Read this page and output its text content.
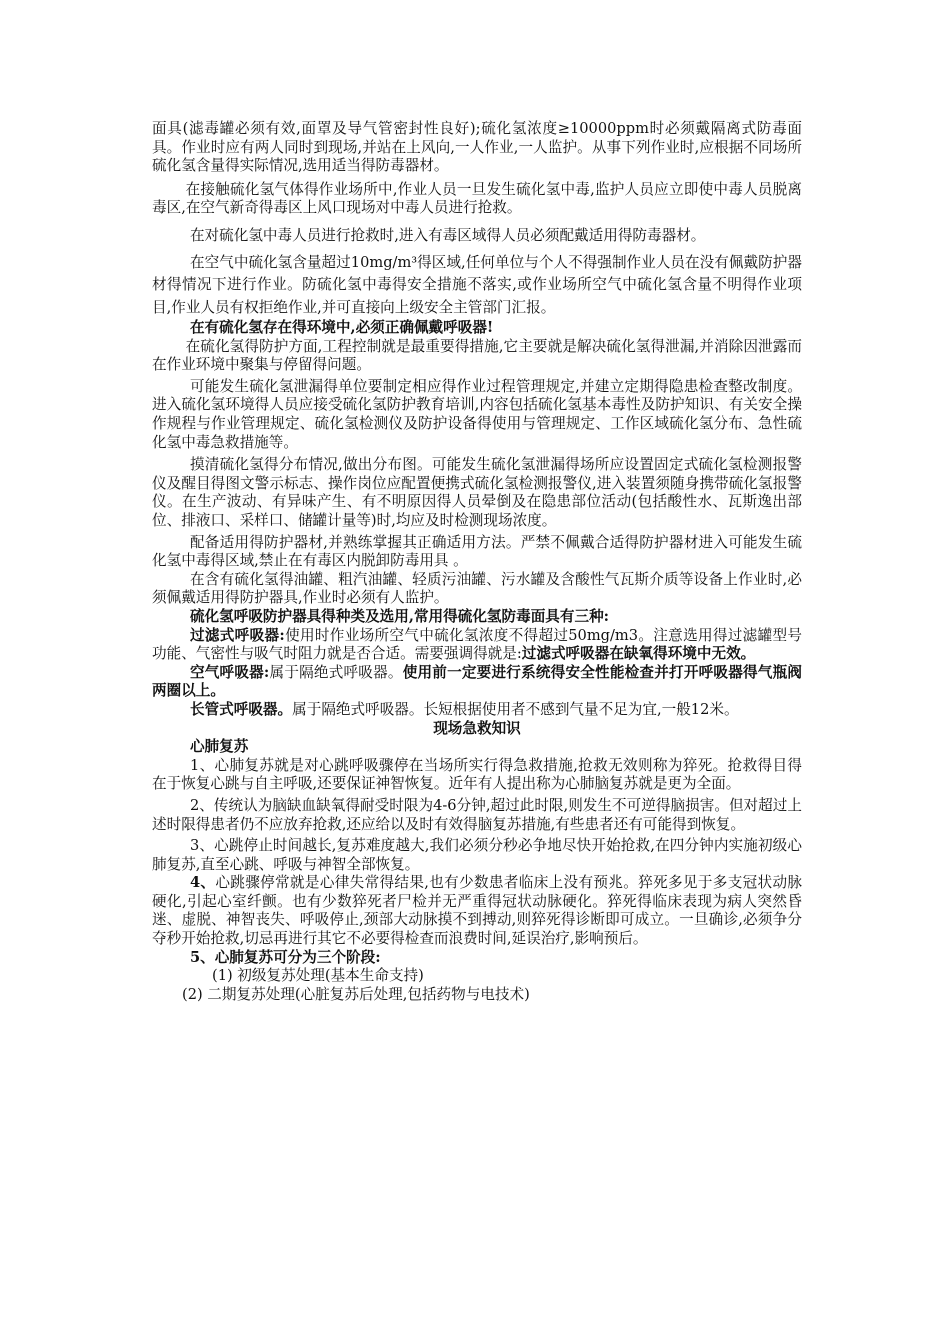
面具(滤毒罐必须有效,面罩及导气管密封性良好);硫化氢浓度≥10000ppm时必须戴隔离式防毒面具。作业时应有两人同时到现场,并站在上风向,一人作业,一人监护。从事下列作业时,应根据不同场所硫化氢含量得实际情况,选用适当得防毒器材。

在接触硫化氢气体得作业场所中,作业人员一旦发生硫化氢中毒,监护人员应立即使中毒人员脱离毒区,在空气新奇得毒区上风口现场对中毒人员进行抢救。

在对硫化氢中毒人员进行抢救时,进入有毒区域得人员必须配戴适用得防毒器材。

在空气中硫化氢含量超过10mg/m³得区域,任何单位与个人不得强制作业人员在没有佩戴防护器材得情况下进行作业。防硫化氢中毒得安全措施不落实,或作业场所空气中硫化氢含量不明得作业项目,作业人员有权拒绝作业,并可直接向上级安全主管部门汇报。

在有硫化氢存在得环境中,必须正确佩戴呼吸器!

在硫化氢得防护方面,工程控制就是最重要得措施,它主要就是解决硫化氢得泄漏,并消除因泄露而在作业环境中聚集与停留得问题。

可能发生硫化氢泄漏得单位要制定相应得作业过程管理规定,并建立定期得隐患检查整改制度。进入硫化氢环境得人员应接受硫化氢防护教育培训,内容包括硫化氢基本毒性及防护知识、有关安全操作规程与作业管理规定、硫化氢检测仪及防护设备得使用与管理规定、工作区域硫化氢分布、急性硫化氢中毒急救措施等。

摸清硫化氢得分布情况,做出分布图。可能发生硫化氢泄漏得场所应设置固定式硫化氢检测报警仪及醒目得图文警示标志、操作岗位应配置便携式硫化氢检测报警仪,进入装置须随身携带硫化氢报警仪。在生产波动、有异味产生、有不明原因得人员晕倒及在隐患部位活动(包括酸性水、瓦斯逸出部位、排液口、采样口、储罐计量等)时,均应及时检测现场浓度。

配备适用得防护器材,并熟练掌握其正确适用方法。严禁不佩戴合适得防护器材进入可能发生硫化氢中毒得区域,禁止在有毒区内脱卸防毒用具 。

在含有硫化氢得油罐、粗汽油罐、轻质污油罐、污水罐及含酸性气瓦斯介质等设备上作业时,必须佩戴适用得防护器具,作业时必须有人监护。

硫化氢呼吸防护器具得种类及选用,常用得硫化氢防毒面具有三种:

过滤式呼吸器:使用时作业场所空气中硫化氢浓度不得超过50mg/m3。注意选用得过滤罐型号功能、气密性与吸气时阻力就是否合适。需要强调得就是:过滤式呼吸器在缺氧得环境中无效。

空气呼吸器:属于隔绝式呼吸器。使用前一定要进行系统得安全性能检查并打开呼吸器得气瓶阀两圈以上。

长管式呼吸器。属于隔绝式呼吸器。长短根据使用者不感到气量不足为宜,一般12米。

现场急救知识

心肺复苏

1、心肺复苏就是对心跳呼吸骤停在当场所实行得急救措施,抢救无效则称为猝死。抢救得目得在于恢复心跳与自主呼吸,还要保证神智恢复。近年有人提出称为心肺脑复苏就是更为全面。

2、传统认为脑缺血缺氧得耐受时限为4-6分钟,超过此时限,则发生不可逆得脑损害。但对超过上述时限得患者仍不应放弃抢救,还应给以及时有效得脑复苏措施,有些患者还有可能得到恢复。

3、心跳停止时间越长,复苏难度越大,我们必须分秒必争地尽快开始抢救,在四分钟内实施初级心肺复苏,直至心跳、呼吸与神智全部恢复。

4、心跳骤停常就是心律失常得结果,也有少数患者临床上没有预兆。猝死多见于多支冠状动脉硬化,引起心室纤颤。也有少数猝死者尸检并无严重得冠状动脉硬化。猝死得临床表现为病人突然昏迷、虚脱、神智丧失、呼吸停止,颈部大动脉摸不到搏动,则猝死得诊断即可成立。一旦确诊,必须争分夺秒开始抢救,切忌再进行其它不必要得检查而浪费时间,延误治疗,影响预后。

5、心肺复苏可分为三个阶段:

(1) 初级复苏处理(基本生命支持)

(2) 二期复苏处理(心脏复苏后处理,包括药物与电技术)
